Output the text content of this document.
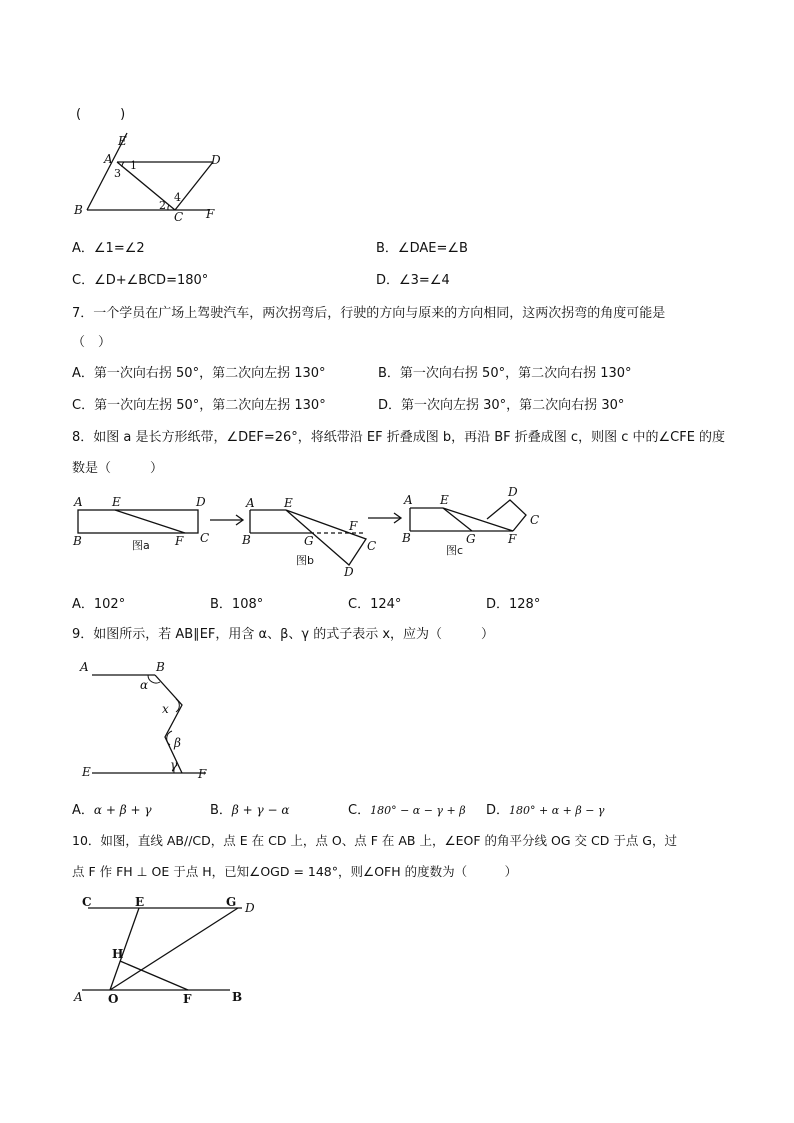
(　　　)
E
A	D
1
3
4
2
B	C F
A．∠1=∠2	B．∠DAE=∠B
C．∠D+∠BCD=180°	D．∠3=∠4
7．一个学员在广场上驾驶汽车，两次拐弯后，行驶的方向与原来的方向相同，这两次拐弯的角度可能是
（　）
A．第一次向右拐 50°，第二次向左拐 130°	B．第一次向右拐 50°，第二次向右拐 130°
C．第一次向左拐 50°，第二次向左拐 130°	D．第一次向左拐 30°，第二次向右拐 30°
8．如图 a 是长方形纸带，∠DEF=26°，将纸带沿 EF 折叠成图 b，再沿 BF 折叠成图 c，则图 c 中的∠CFE 的度
数是（　　　）
A E	D
B	F C
图a
A E
F
B	G	C
D
图b
A E
D
C
B	G	F
图c
A．102°	B．108°	C．124°	D．128°
9．如图所示，若 AB∥EF，用含 α、β、γ 的式子表示 x，应为（　　　）
A	B
α
x
β
γ
E	F
A．α + β + γ	B．β + γ − α	C．180° − α − γ + β D．180° + α + β − γ
10．如图，直线 AB//CD，点 E 在 CD 上，点 O、点 F 在 AB 上，∠EOF 的角平分线 OG 交 CD 于点 G，过
点 F 作 FH ⊥ OE 于点 H，已知∠OGD = 148°，则∠OFH 的度数为（　　　）
C	E	G D
H
A O	F	B
